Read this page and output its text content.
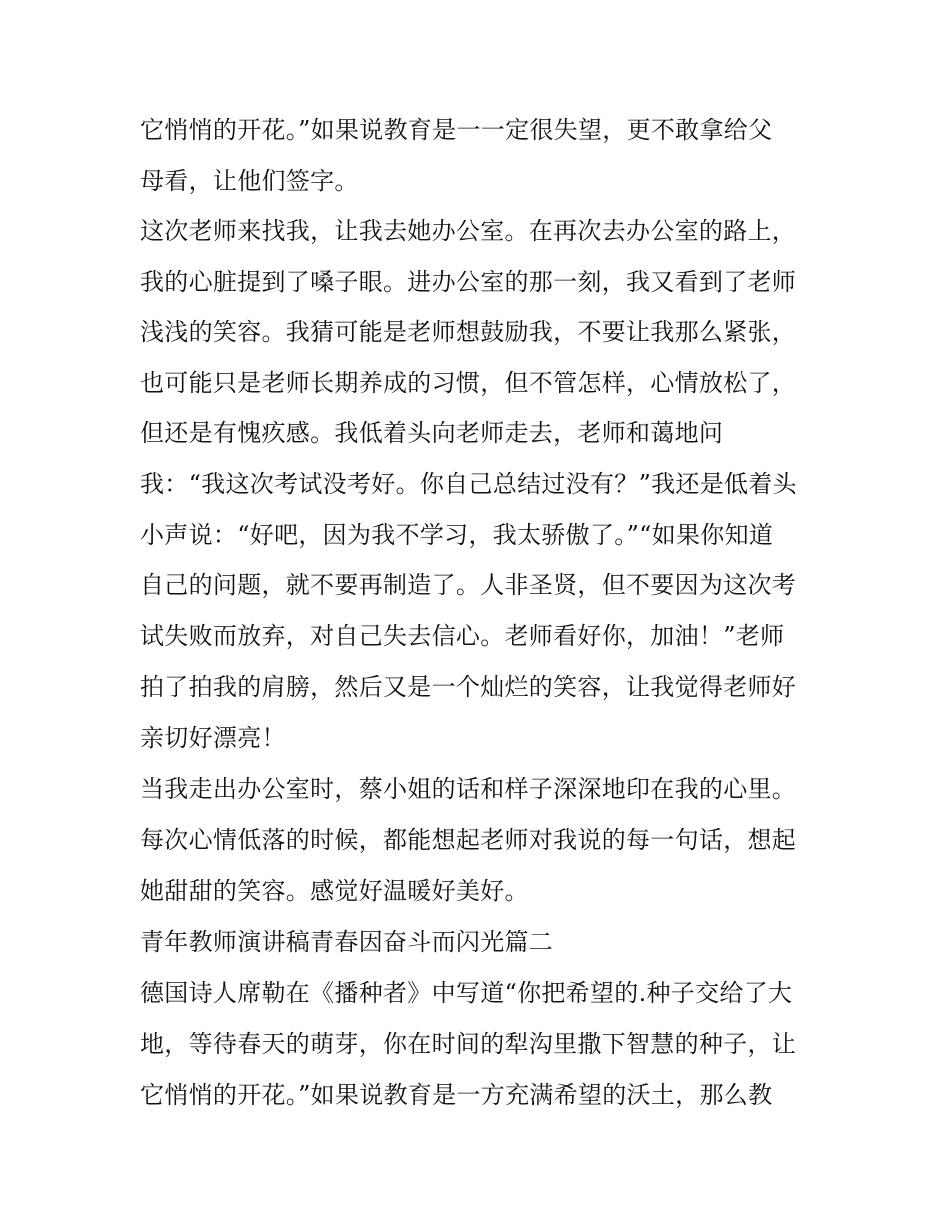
它悄悄的开花。”如果说教育是一一定很失望，更不敢拿给父
母看，让他们签字。
这次老师来找我，让我去她办公室。在再次去办公室的路上，
我的心脏提到了嗓子眼。进办公室的那一刻，我又看到了老师
浅浅的笑容。我猜可能是老师想鼓励我，不要让我那么紧张，
也可能只是老师长期养成的习惯，但不管怎样，心情放松了，
但还是有愧疚感。我低着头向老师走去，老师和蔼地问
我：“我这次考试没考好。你自己总结过没有？”我还是低着头
小声说：“好吧，因为我不学习，我太骄傲了。”“如果你知道
自己的问题，就不要再制造了。人非圣贤，但不要因为这次考
试失败而放弃，对自己失去信心。老师看好你，加油！”老师
拍了拍我的肩膀，然后又是一个灿烂的笑容，让我觉得老师好
亲切好漂亮！
当我走出办公室时，蔡小姐的话和样子深深地印在我的心里。
每次心情低落的时候，都能想起老师对我说的每一句话，想起
她甜甜的笑容。感觉好温暖好美好。
青年教师演讲稿青春因奋斗而闪光篇二
德国诗人席勒在《播种者》中写道“你把希望的.种子交给了大
地，等待春天的萌芽，你在时间的犁沟里撒下智慧的种子，让
它悄悄的开花。”如果说教育是一方充满希望的沃土，那么教
